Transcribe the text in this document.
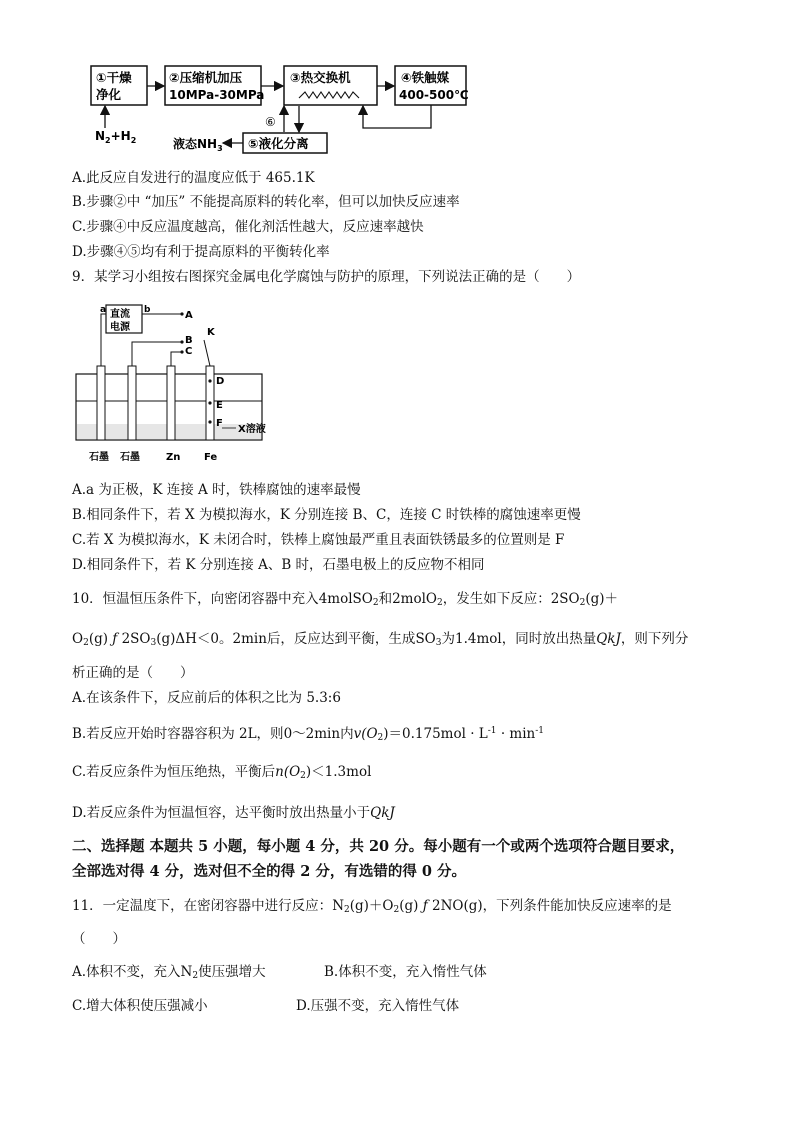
①干燥
净化
②压缩机加压
10MPa-30MPa
③热交换机	④铁触媒
400-500℃
⑤液化分离
⑥
$N_2+H_2$	液态$NH_3$
A.此反应自发进行的温度应低于 465.1K
B.步骤②中 “加压” 不能提高原料的转化率，但可以加快反应速率
C.步骤④中反应温度越高，催化剂活性越大，反应速率越快
D.步骤④⑤均有利于提高原料的平衡转化率
9．某学习小组按右图探究金属电化学腐蚀与防护的原理，下列说法正确的是（　　）
直流
电源
a	b	A
B
C
K
D
E
F
X溶液
石墨 石墨	Zn Fe
A.a 为正极，K 连接 A 时，铁棒腐蚀的速率最慢
B.相同条件下，若 X 为模拟海水，K 分别连接 B、C，连接 C 时铁棒的腐蚀速率更慢
C.若 X 为模拟海水，K 未闭合时，铁棒上腐蚀最严重且表面铁锈最多的位置则是 F
D.相同条件下，若 K 分别连接 A、B 时，石墨电极上的反应物不相同
10．恒温恒压条件下，向密闭容器中充入4molSO$_2$和2molO$_2$，发生如下反应：$2SO_2(g)+$
$O_2(g)$ ƒ $2SO_3(g)\Delta H<0$。2min后，反应达到平衡，生成$SO_3$为1.4mol，同时放出热量QkJ，则下列分
析正确的是（　　）
A.在该条件下，反应前后的体积之比为 5.3:6
B.若反应开始时容器容积为 2L，则0～2min内$v(O_2)=0.175mol \cdot L^{-1} \cdot \min^{-1}$
C.若反应条件为恒压绝热，平衡后$n(O_2)<1.3mol$
D.若反应条件为恒温恒容，达平衡时放出热量小于QkJ
二、选择题 本题共 5 小题，每小题 4 分，共 20 分。每小题有一个或两个选项符合题目要求，
全部选对得 4 分，选对但不全的得 2 分，有选错的得 0 分。
11．一定温度下，在密闭容器中进行反应：$N_2(g)+O_2(g)$ ƒ 2NO(g)，下列条件能加快反应速率的是
（　　）
A.体积不变，充入$N_2$使压强增大	B.体积不变，充入惰性气体
C.增大体积使压强减小	D.压强不变，充入惰性气体
